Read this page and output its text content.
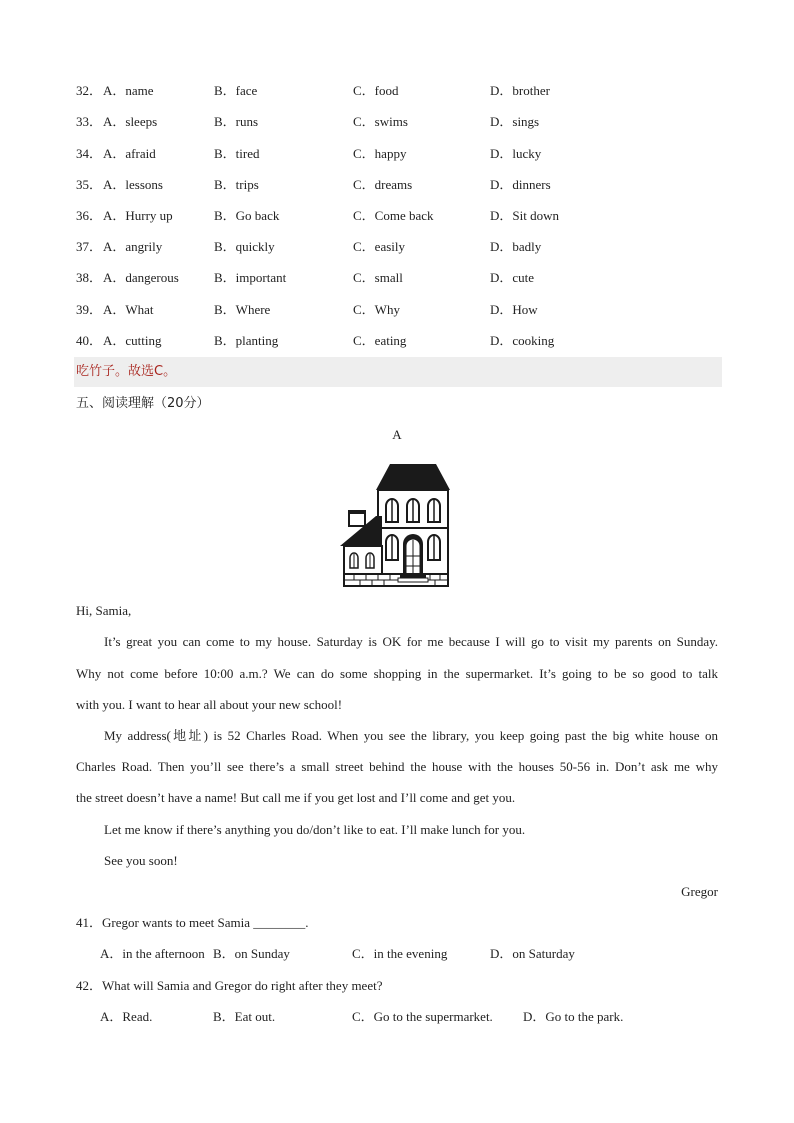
32． A．name	B．face	C．food	D．brother
33． A．sleeps	B．runs	C．swims	D．sings
34． A．afraid	B．tired	C．happy	D．lucky
35． A．lessons	B．trips	C．dreams	D．dinners
36． A．Hurry up	B．Go back	C．Come back	D．Sit down
37． A．angrily	B．quickly	C．easily	D．badly
38． A．dangerous	B．important	C．small	D．cute
39． A．What	B．Where	C．Why	D．How
40． A．cutting	B．planting	C．eating	D．cooking
吃竹子。故选C。
五、阅读理解（20分）
A
Hi, Samia,
It’s great you can come to my house. Saturday is OK for me because I will go to visit my parents on Sunday.
Why not come before 10:00 a.m.? We can do some shopping in the supermarket. It’s going to be so good to talk
with you. I want to hear all about your new school!
My address(地址) is 52 Charles Road. When you see the library, you keep going past the big white house on
Charles Road. Then you’ll see there’s a small street behind the house with the houses 50-56 in. Don’t ask me why
the street doesn’t have a name! But call me if you get lost and I’ll come and get you.
Let me know if there’s anything you do/don’t like to eat. I’ll make lunch for you.
See you soon!
Gregor
41．Gregor wants to meet Samia ________.
A．in the afternoon B．on Sunday	C．in the evening	D．on Saturday
42．What will Samia and Gregor do right after they meet?
A．Read.	B．Eat out.	C．Go to the supermarket. D．Go to the park.
